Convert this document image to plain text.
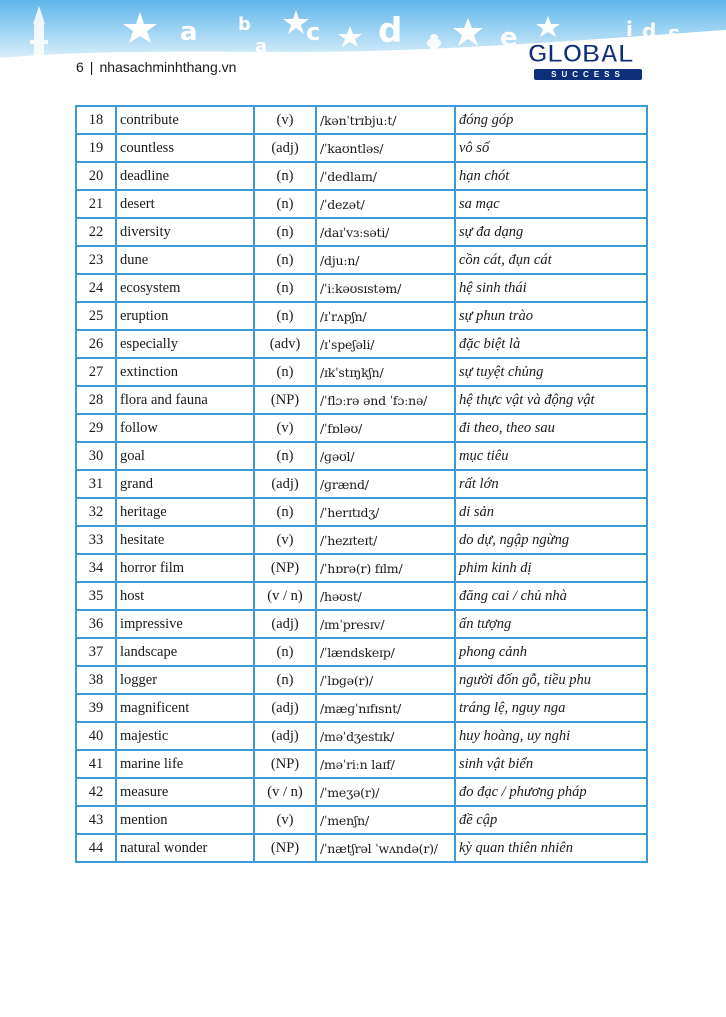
a b
a
c d	e	i d s
6 | nhasachminhthang.vn	GLOBAL
SUCCESS
18	contribute	(v)	/kənˈtrɪbjuːt/	đóng góp
19	countless	(adj)	/ˈkaʊntləs/	vô số
20	deadline	(n)	/ˈdedlaɪn/	hạn chót
21	desert	(n)	/ˈdezət/	sa mạc
22	diversity	(n)	/daɪˈvɜːsəti/	sự đa dạng
23	dune	(n)	/djuːn/	cồn cát, đụn cát
24	ecosystem	(n)	/ˈiːkəʊsɪstəm/	hệ sinh thái
25	eruption	(n)	/ɪˈrʌpʃn/	sự phun trào
26	especially	(adv)	/ɪˈspeʃəli/	đặc biệt là
27	extinction	(n)	/ɪkˈstɪŋkʃn/	sự tuyệt chủng
28	flora and fauna	(NP)	/ˈflɔːrə ənd ˈfɔːnə/	hệ thực vật và động vật
29	follow	(v)	/ˈfɒləʊ/	đi theo, theo sau
30	goal	(n)	/ɡəʊl/	mục tiêu
31	grand	(adj)	/ɡrænd/	rất lớn
32	heritage	(n)	/ˈherɪtɪdʒ/	di sản
33	hesitate	(v)	/ˈhezɪteɪt/	do dự, ngập ngừng
34	horror film	(NP)	/ˈhɒrə(r) fɪlm/	phim kinh dị
35	host	(v / n)	/həʊst/	đăng cai / chủ nhà
36	impressive	(adj)	/ɪmˈpresɪv/	ấn tượng
37	landscape	(n)	/ˈlændskeɪp/	phong cảnh
38	logger	(n)	/ˈlɒɡə(r)/	người đốn gỗ, tiều phu
39	magnificent	(adj)	/mæɡˈnɪfɪsnt/	tráng lệ, nguy nga
40	majestic	(adj)	/məˈdʒestɪk/	huy hoàng, uy nghi
41	marine life	(NP)	/məˈriːn laɪf/	sinh vật biển
42	measure	(v / n)	/ˈmeʒə(r)/	đo đạc / phương pháp
43	mention	(v)	/ˈmenʃn/	đề cập
44	natural wonder	(NP)	/ˈnætʃrəl ˈwʌndə(r)/	kỳ quan thiên nhiên
